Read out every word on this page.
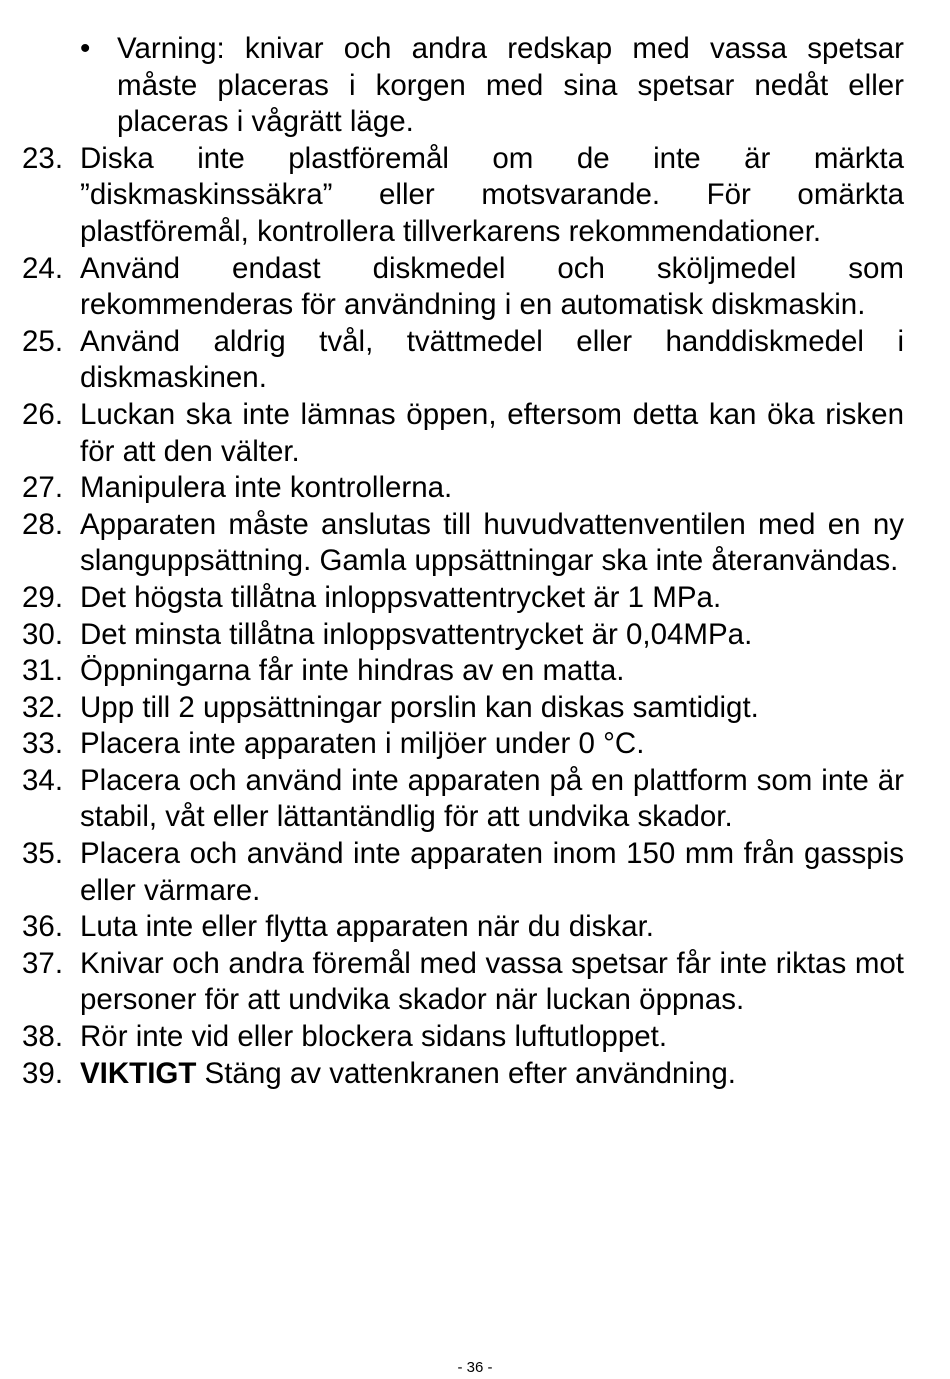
• Varning: knivar och andra redskap med vassa spetsar måste placeras i korgen med sina spetsar nedåt eller placeras i vågrätt läge.
23. Diska inte plastföremål om de inte är märkta ”diskmaskinssäkra” eller motsvarande. För omärkta plastföremål, kontrollera tillverkarens rekommendationer.
24. Använd endast diskmedel och sköljmedel som rekommenderas för användning i en automatisk diskmaskin.
25. Använd aldrig tvål, tvättmedel eller handdiskmedel i diskmaskinen.
26. Luckan ska inte lämnas öppen, eftersom detta kan öka risken för att den välter.
27. Manipulera inte kontrollerna.
28. Apparaten måste anslutas till huvudvattenventilen med en ny slanguppsättning. Gamla uppsättningar ska inte återanvändas.
29. Det högsta tillåtna inloppsvattentrycket är 1 MPa.
30. Det minsta tillåtna inloppsvattentrycket är 0,04MPa.
31. Öppningarna får inte hindras av en matta.
32. Upp till 2 uppsättningar porslin kan diskas samtidigt.
33. Placera inte apparaten i miljöer under 0 °C.
34. Placera och använd inte apparaten på en plattform som inte är stabil, våt eller lättantändlig för att undvika skador.
35. Placera och använd inte apparaten inom 150 mm från gasspis eller värmare.
36. Luta inte eller flytta apparaten när du diskar.
37. Knivar och andra föremål med vassa spetsar får inte riktas mot personer för att undvika skador när luckan öppnas.
38. Rör inte vid eller blockera sidans luftutloppet.
39. VIKTIGT Stäng av vattenkranen efter användning.
- 36 -
